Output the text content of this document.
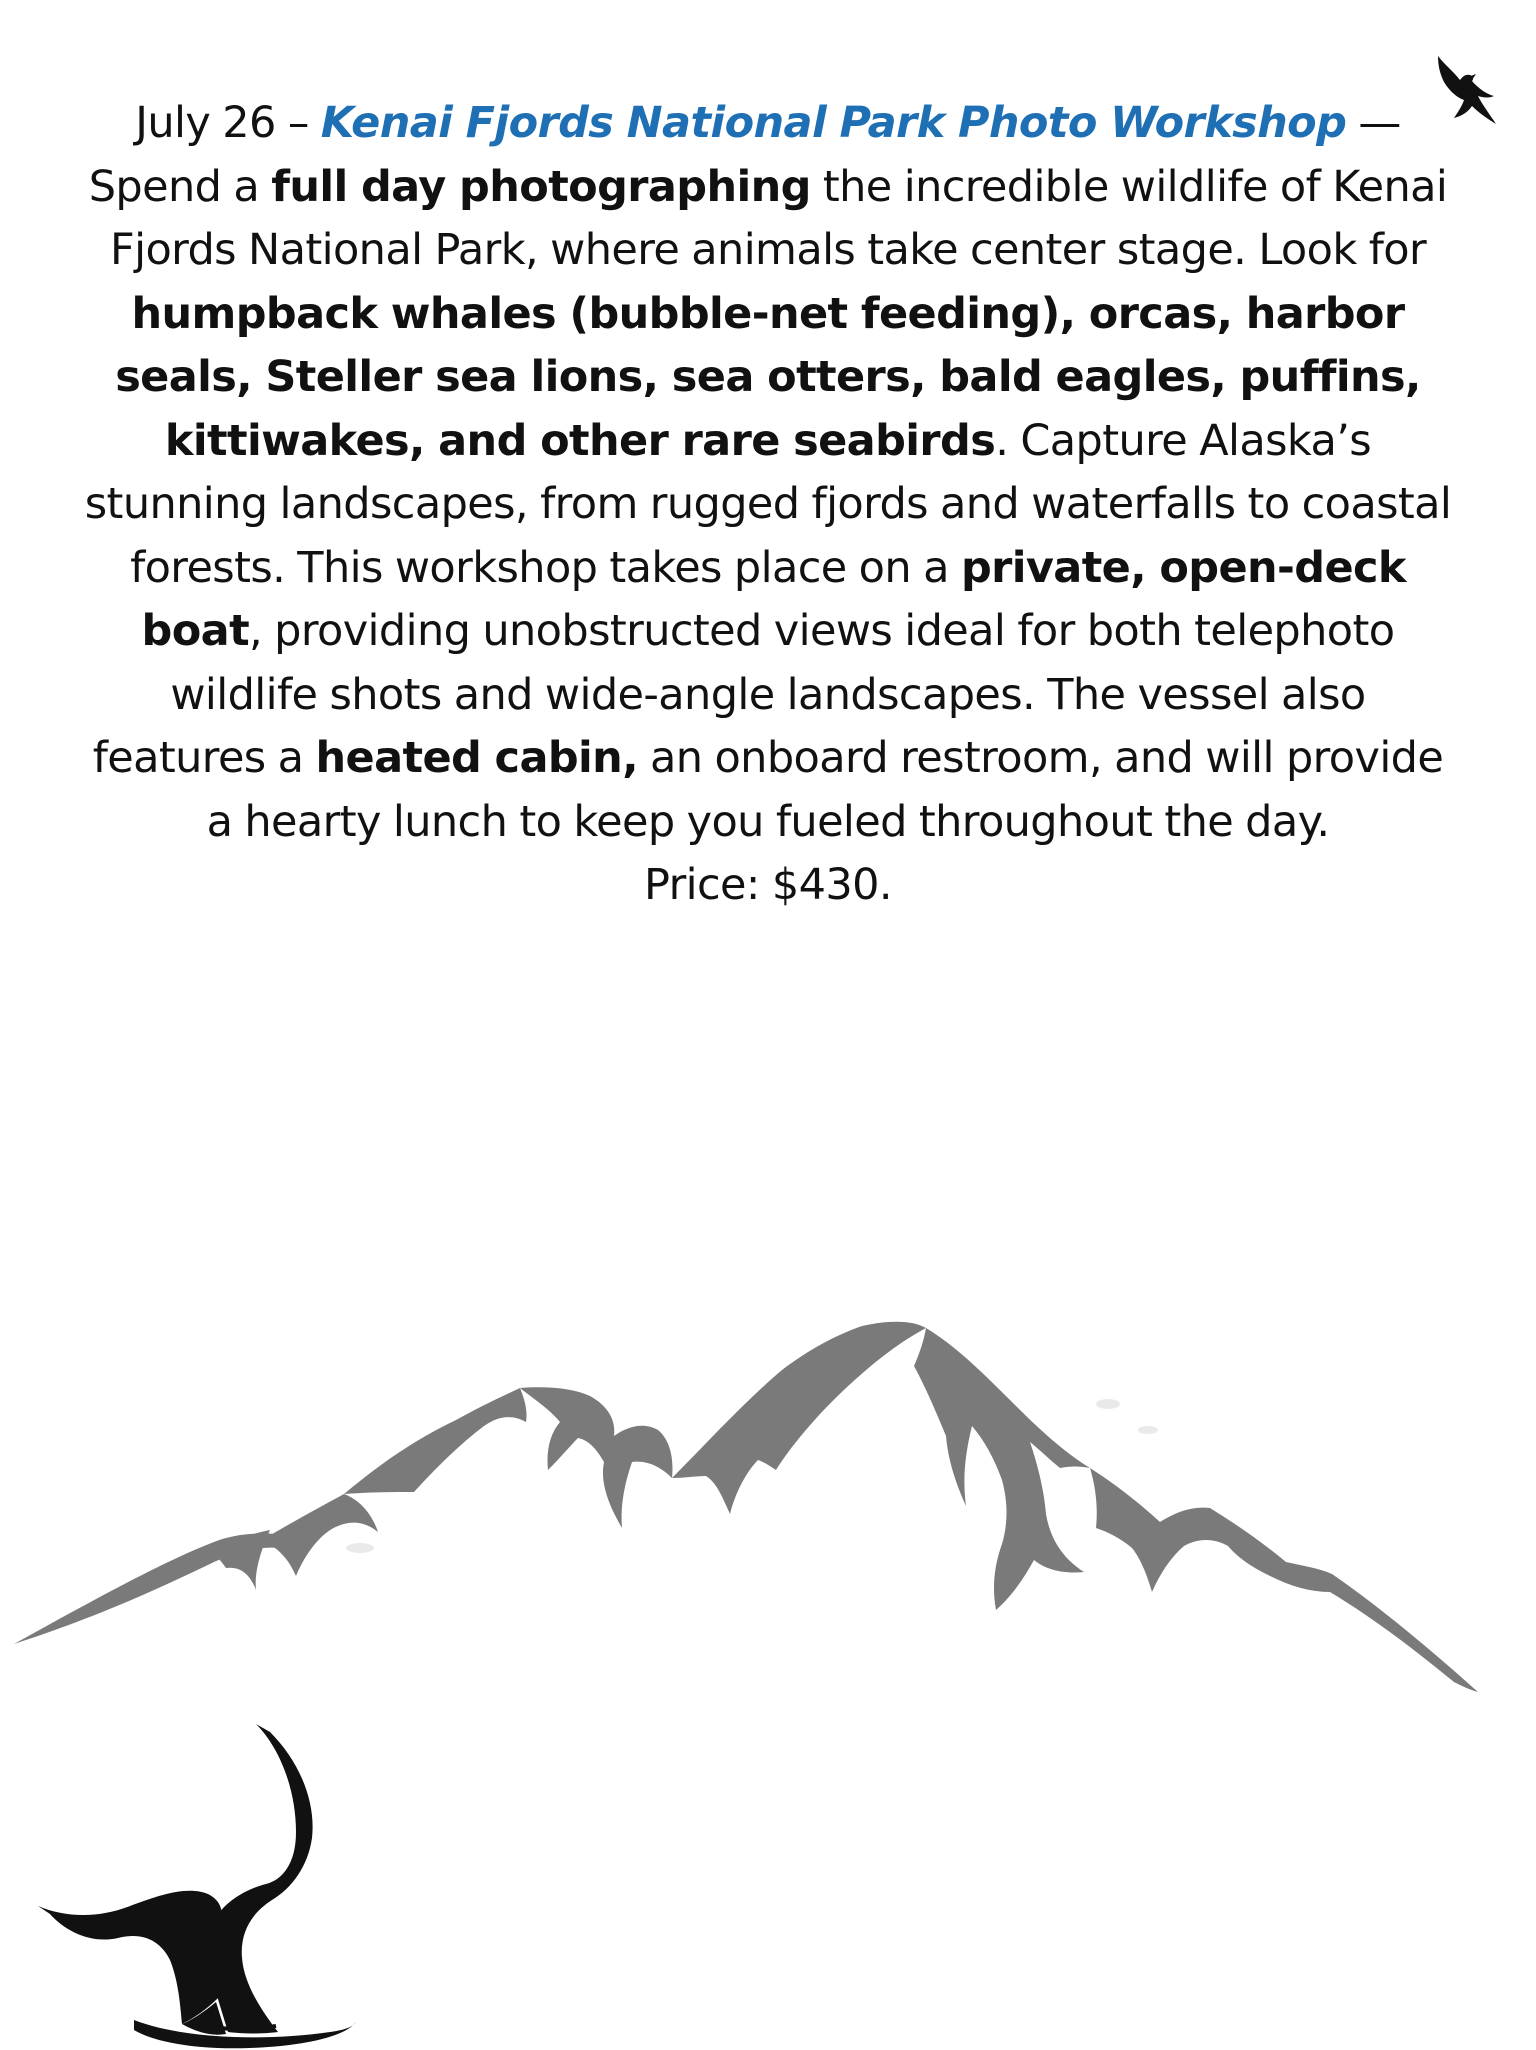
July 26 – Kenai Fjords National Park Photo Workshop — Spend a full day photographing the incredible wildlife of Kenai Fjords National Park, where animals take center stage. Look for humpback whales (bubble-net feeding), orcas, harbor seals, Steller sea lions, sea otters, bald eagles, puffins, kittiwakes, and other rare seabirds. Capture Alaska’s stunning landscapes, from rugged fjords and waterfalls to coastal forests. This workshop takes place on a private, open-deck boat, providing unobstructed views ideal for both telephoto wildlife shots and wide-angle landscapes. The vessel also features a heated cabin, an onboard restroom, and will provide a hearty lunch to keep you fueled throughout the day.
Price: $430.
